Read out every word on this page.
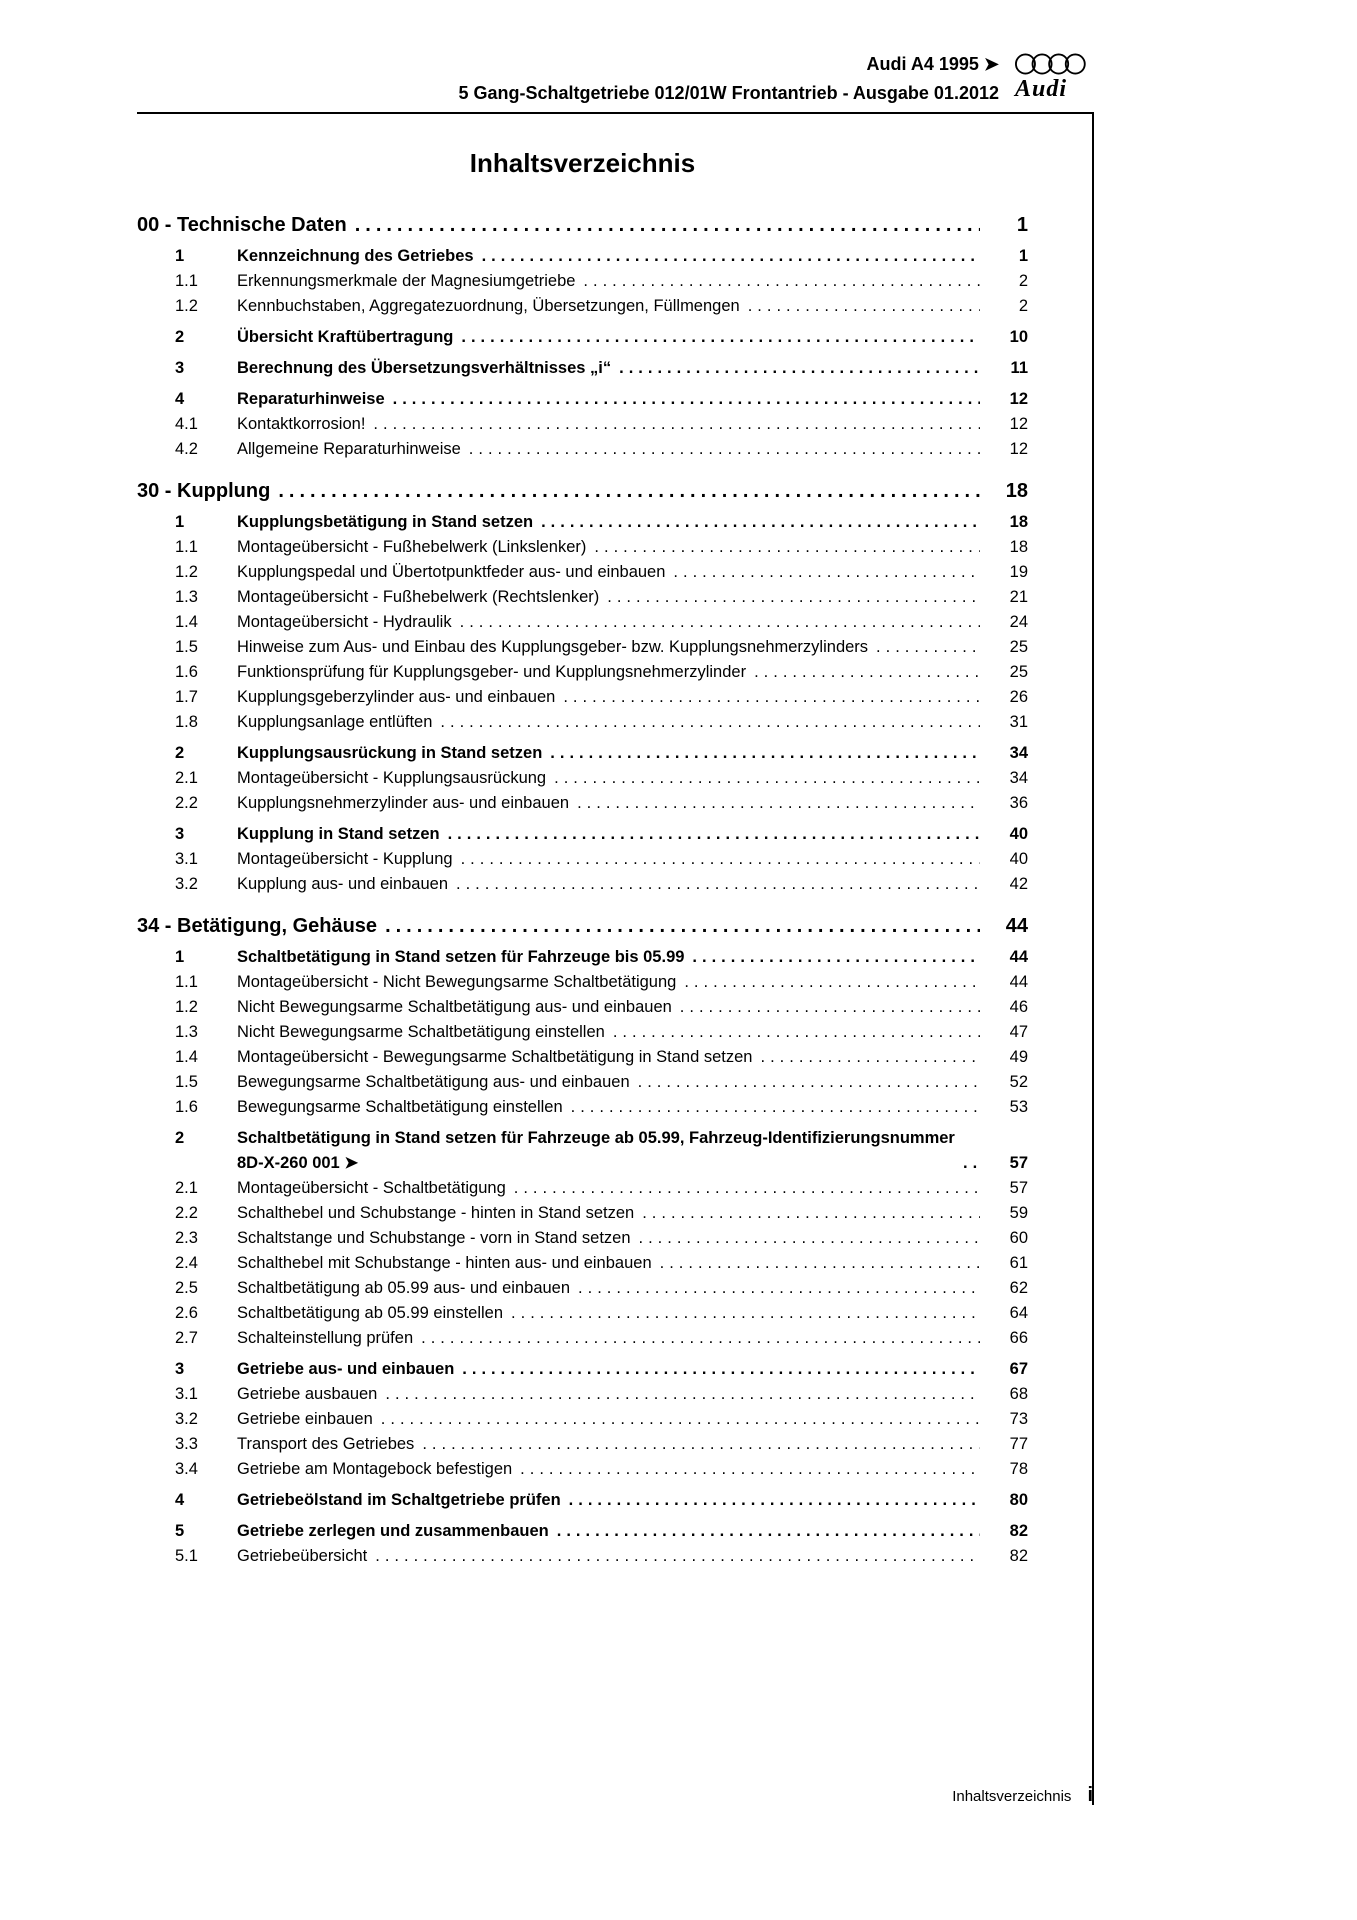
Audi A4 1995 ➤
5 Gang-Schaltgetriebe 012/01W Frontantrieb - Ausgabe 01.2012 Audi
Inhaltsverzeichnis
00 - Technische Daten .....	1
1	Kennzeichnung des Getriebes .....	1
1.1	Erkennungsmerkmale der Magnesiumgetriebe .....	2
1.2	Kennbuchstaben, Aggregatezuordnung, Übersetzungen, Füllmengen .....	2
2	Übersicht Kraftübertragung .....	10
3	Berechnung des Übersetzungsverhältnisses „i“ .....	11
4	Reparaturhinweise .....	12
4.1	Kontaktkorrosion! .....	12
4.2	Allgemeine Reparaturhinweise .....	12
30 - Kupplung .....	18
1	Kupplungsbetätigung in Stand setzen .....	18
1.1	Montageübersicht - Fußhebelwerk (Linkslenker) .....	18
1.2	Kupplungspedal und Übertotpunktfeder aus- und einbauen .....	19
1.3	Montageübersicht - Fußhebelwerk (Rechtslenker) .....	21
1.4	Montageübersicht - Hydraulik .....	24
1.5	Hinweise zum Aus- und Einbau des Kupplungsgeber- bzw. Kupplungsnehmerzylinders .....	25
1.6	Funktionsprüfung für Kupplungsgeber- und Kupplungsnehmerzylinder .....	25
1.7	Kupplungsgeberzylinder aus- und einbauen .....	26
1.8	Kupplungsanlage entlüften .....	31
2	Kupplungsausrückung in Stand setzen .....	34
2.1	Montageübersicht - Kupplungsausrückung .....	34
2.2	Kupplungsnehmerzylinder aus- und einbauen .....	36
3	Kupplung in Stand setzen .....	40
3.1	Montageübersicht - Kupplung .....	40
3.2	Kupplung aus- und einbauen .....	42
34 - Betätigung, Gehäuse .....	44
1	Schaltbetätigung in Stand setzen für Fahrzeuge bis 05.99 .....	44
1.1	Montageübersicht - Nicht Bewegungsarme Schaltbetätigung .....	44
1.2	Nicht Bewegungsarme Schaltbetätigung aus- und einbauen .....	46
1.3	Nicht Bewegungsarme Schaltbetätigung einstellen .....	47
1.4	Montageübersicht - Bewegungsarme Schaltbetätigung in Stand setzen .....	49
1.5	Bewegungsarme Schaltbetätigung aus- und einbauen .....	52
1.6	Bewegungsarme Schaltbetätigung einstellen .....	53
2	Schaltbetätigung in Stand setzen für Fahrzeuge ab 05.99, Fahrzeug-Identifizierungsnummer 8D-X-260 001 ➤ .....	57
2.1	Montageübersicht - Schaltbetätigung .....	57
2.2	Schalthebel und Schubstange - hinten in Stand setzen .....	59
2.3	Schaltstange und Schubstange - vorn in Stand setzen .....	60
2.4	Schalthebel mit Schubstange - hinten aus- und einbauen .....	61
2.5	Schaltbetätigung ab 05.99 aus- und einbauen .....	62
2.6	Schaltbetätigung ab 05.99 einstellen .....	64
2.7	Schalteinstellung prüfen .....	66
3	Getriebe aus- und einbauen .....	67
3.1	Getriebe ausbauen .....	68
3.2	Getriebe einbauen .....	73
3.3	Transport des Getriebes .....	77
3.4	Getriebe am Montagebock befestigen .....	78
4	Getriebeölstand im Schaltgetriebe prüfen .....	80
5	Getriebe zerlegen und zusammenbauen .....	82
5.1	Getriebeübersicht .....	82
Inhaltsverzeichnis i
